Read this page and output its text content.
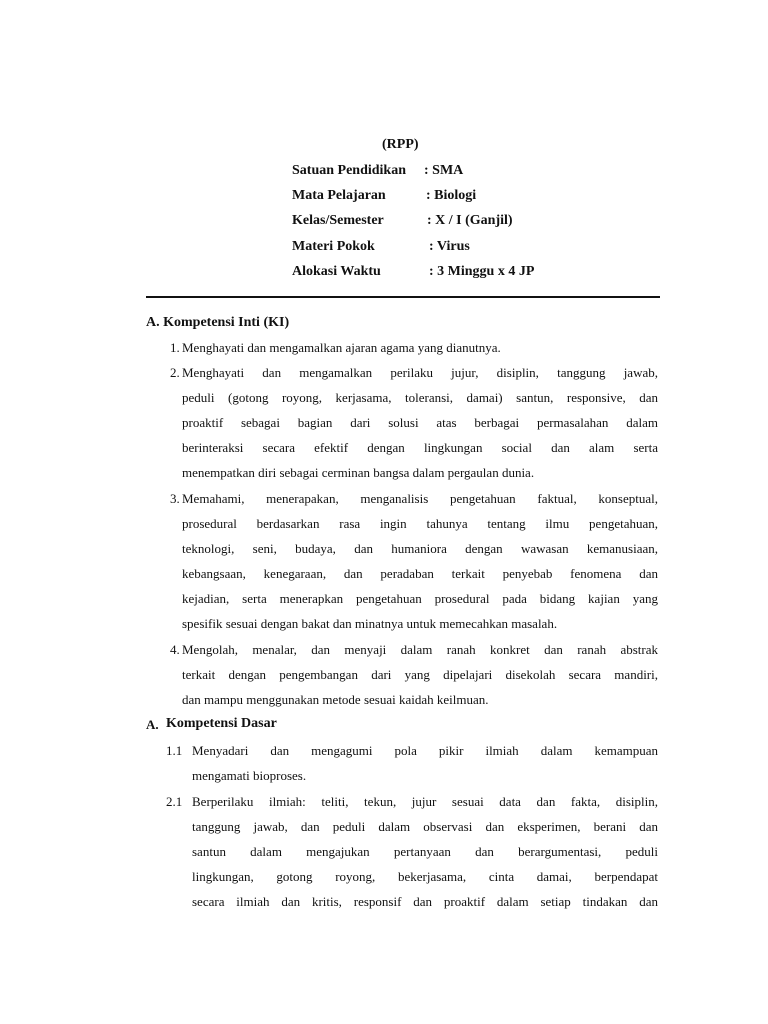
(RPP)
Satuan Pendidikan : SMA
Mata Pelajaran	: Biologi
Kelas/Semester	: X / I (Ganjil)
Materi Pokok	: Virus
Alokasi Waktu	: 3 Minggu x 4 JP
A. Kompetensi Inti (KI)
1. Menghayati dan mengamalkan ajaran agama yang dianutnya.
2. Menghayati dan mengamalkan perilaku jujur, disiplin, tanggung jawab,
peduli (gotong royong, kerjasama, toleransi, damai) santun, responsive, dan
proaktif sebagai bagian dari solusi atas berbagai permasalahan dalam
berinteraksi secara efektif dengan lingkungan social dan alam serta
menempatkan diri sebagai cerminan bangsa dalam pergaulan dunia.
3. Memahami, menerapakan, menganalisis pengetahuan faktual, konseptual,
prosedural berdasarkan rasa ingin tahunya tentang ilmu pengetahuan,
teknologi, seni, budaya, dan humaniora dengan wawasan kemanusiaan,
kebangsaan, kenegaraan, dan peradaban terkait penyebab fenomena dan
kejadian, serta menerapkan pengetahuan prosedural pada bidang kajian yang
spesifik sesuai dengan bakat dan minatnya untuk memecahkan masalah.
4. Mengolah, menalar, dan menyaji dalam ranah konkret dan ranah abstrak
terkait dengan pengembangan dari yang dipelajari disekolah secara mandiri,
dan mampu menggunakan metode sesuai kaidah keilmuan.
A. Kompetensi Dasar
1.1 Menyadari dan mengagumi pola pikir ilmiah dalam kemampuan
mengamati bioproses.
2.1 Berperilaku ilmiah: teliti, tekun, jujur sesuai data dan fakta, disiplin,
tanggung jawab, dan peduli dalam observasi dan eksperimen, berani dan
santun dalam mengajukan pertanyaan dan berargumentasi, peduli
lingkungan, gotong royong, bekerjasama, cinta damai, berpendapat
secara ilmiah dan kritis, responsif dan proaktif dalam setiap tindakan dan
